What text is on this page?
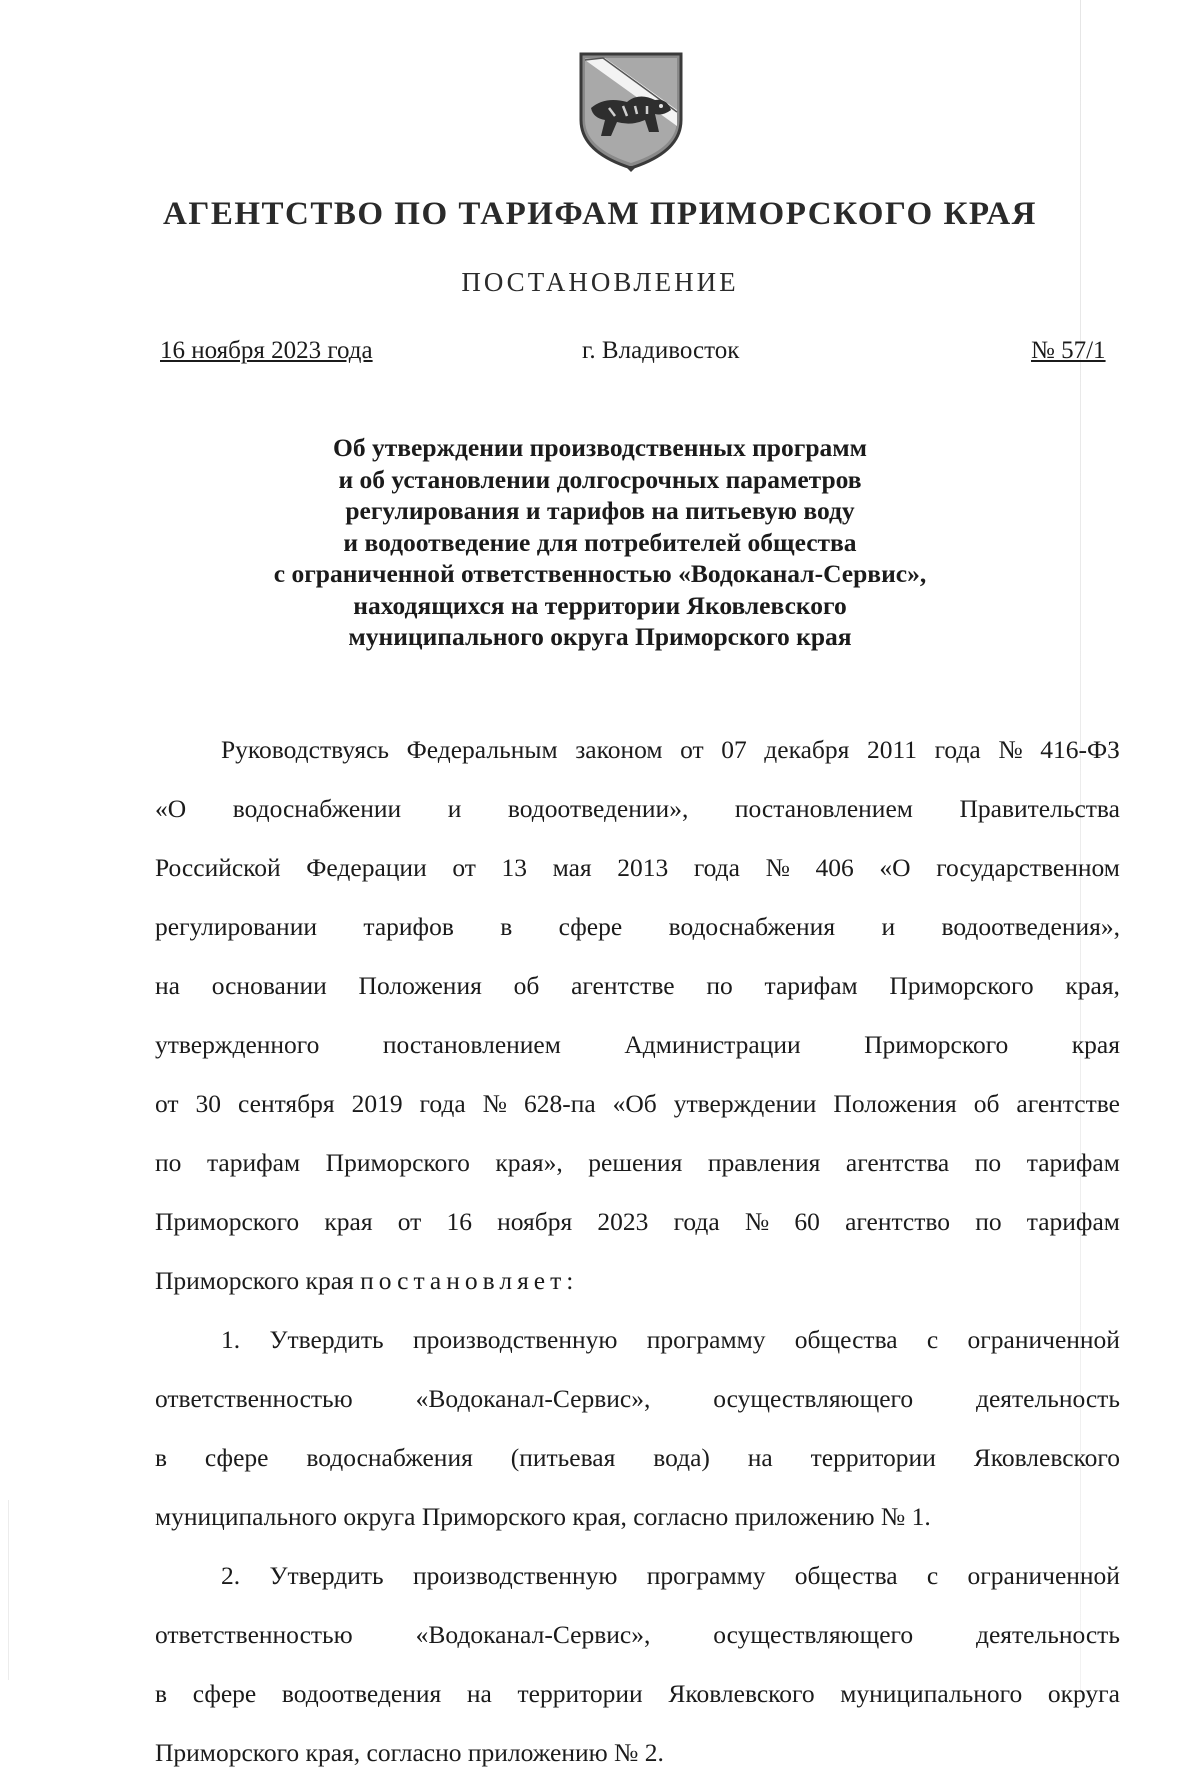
АГЕНТСТВО ПО ТАРИФАМ ПРИМОРСКОГО КРАЯ
ПОСТАНОВЛЕНИЕ
16 ноября 2023 года	г. Владивосток	№ 57/1
Об утверждении производственных программ
и об установлении долгосрочных параметров
регулирования и тарифов на питьевую воду
и водоотведение для потребителей общества
с ограниченной ответственностью «Водоканал-Сервис»,
находящихся на территории Яковлевского
муниципального округа Приморского края
Руководствуясь Федеральным законом от 07 декабря 2011 года № 416-ФЗ
«О водоснабжении и водоотведении», постановлением Правительства
Российской Федерации от 13 мая 2013 года № 406 «О государственном
регулировании тарифов в сфере водоснабжения и водоотведения»,
на основании Положения об агентстве по тарифам Приморского края,
утвержденного постановлением Администрации Приморского края
от 30 сентября 2019 года № 628-па «Об утверждении Положения об агентстве
по тарифам Приморского края», решения правления агентства по тарифам
Приморского края от 16 ноября 2023 года № 60 агентство по тарифам
Приморского края
постановляет:
1. Утвердить производственную программу общества с ограниченной
ответственностью «Водоканал-Сервис», осуществляющего деятельность
в сфере водоснабжения (питьевая вода) на территории Яковлевского
муниципального округа Приморского края, согласно приложению № 1.
2. Утвердить производственную программу общества с ограниченной
ответственностью «Водоканал-Сервис», осуществляющего деятельность
в сфере водоотведения на территории Яковлевского муниципального округа
Приморского края, согласно приложению № 2.
